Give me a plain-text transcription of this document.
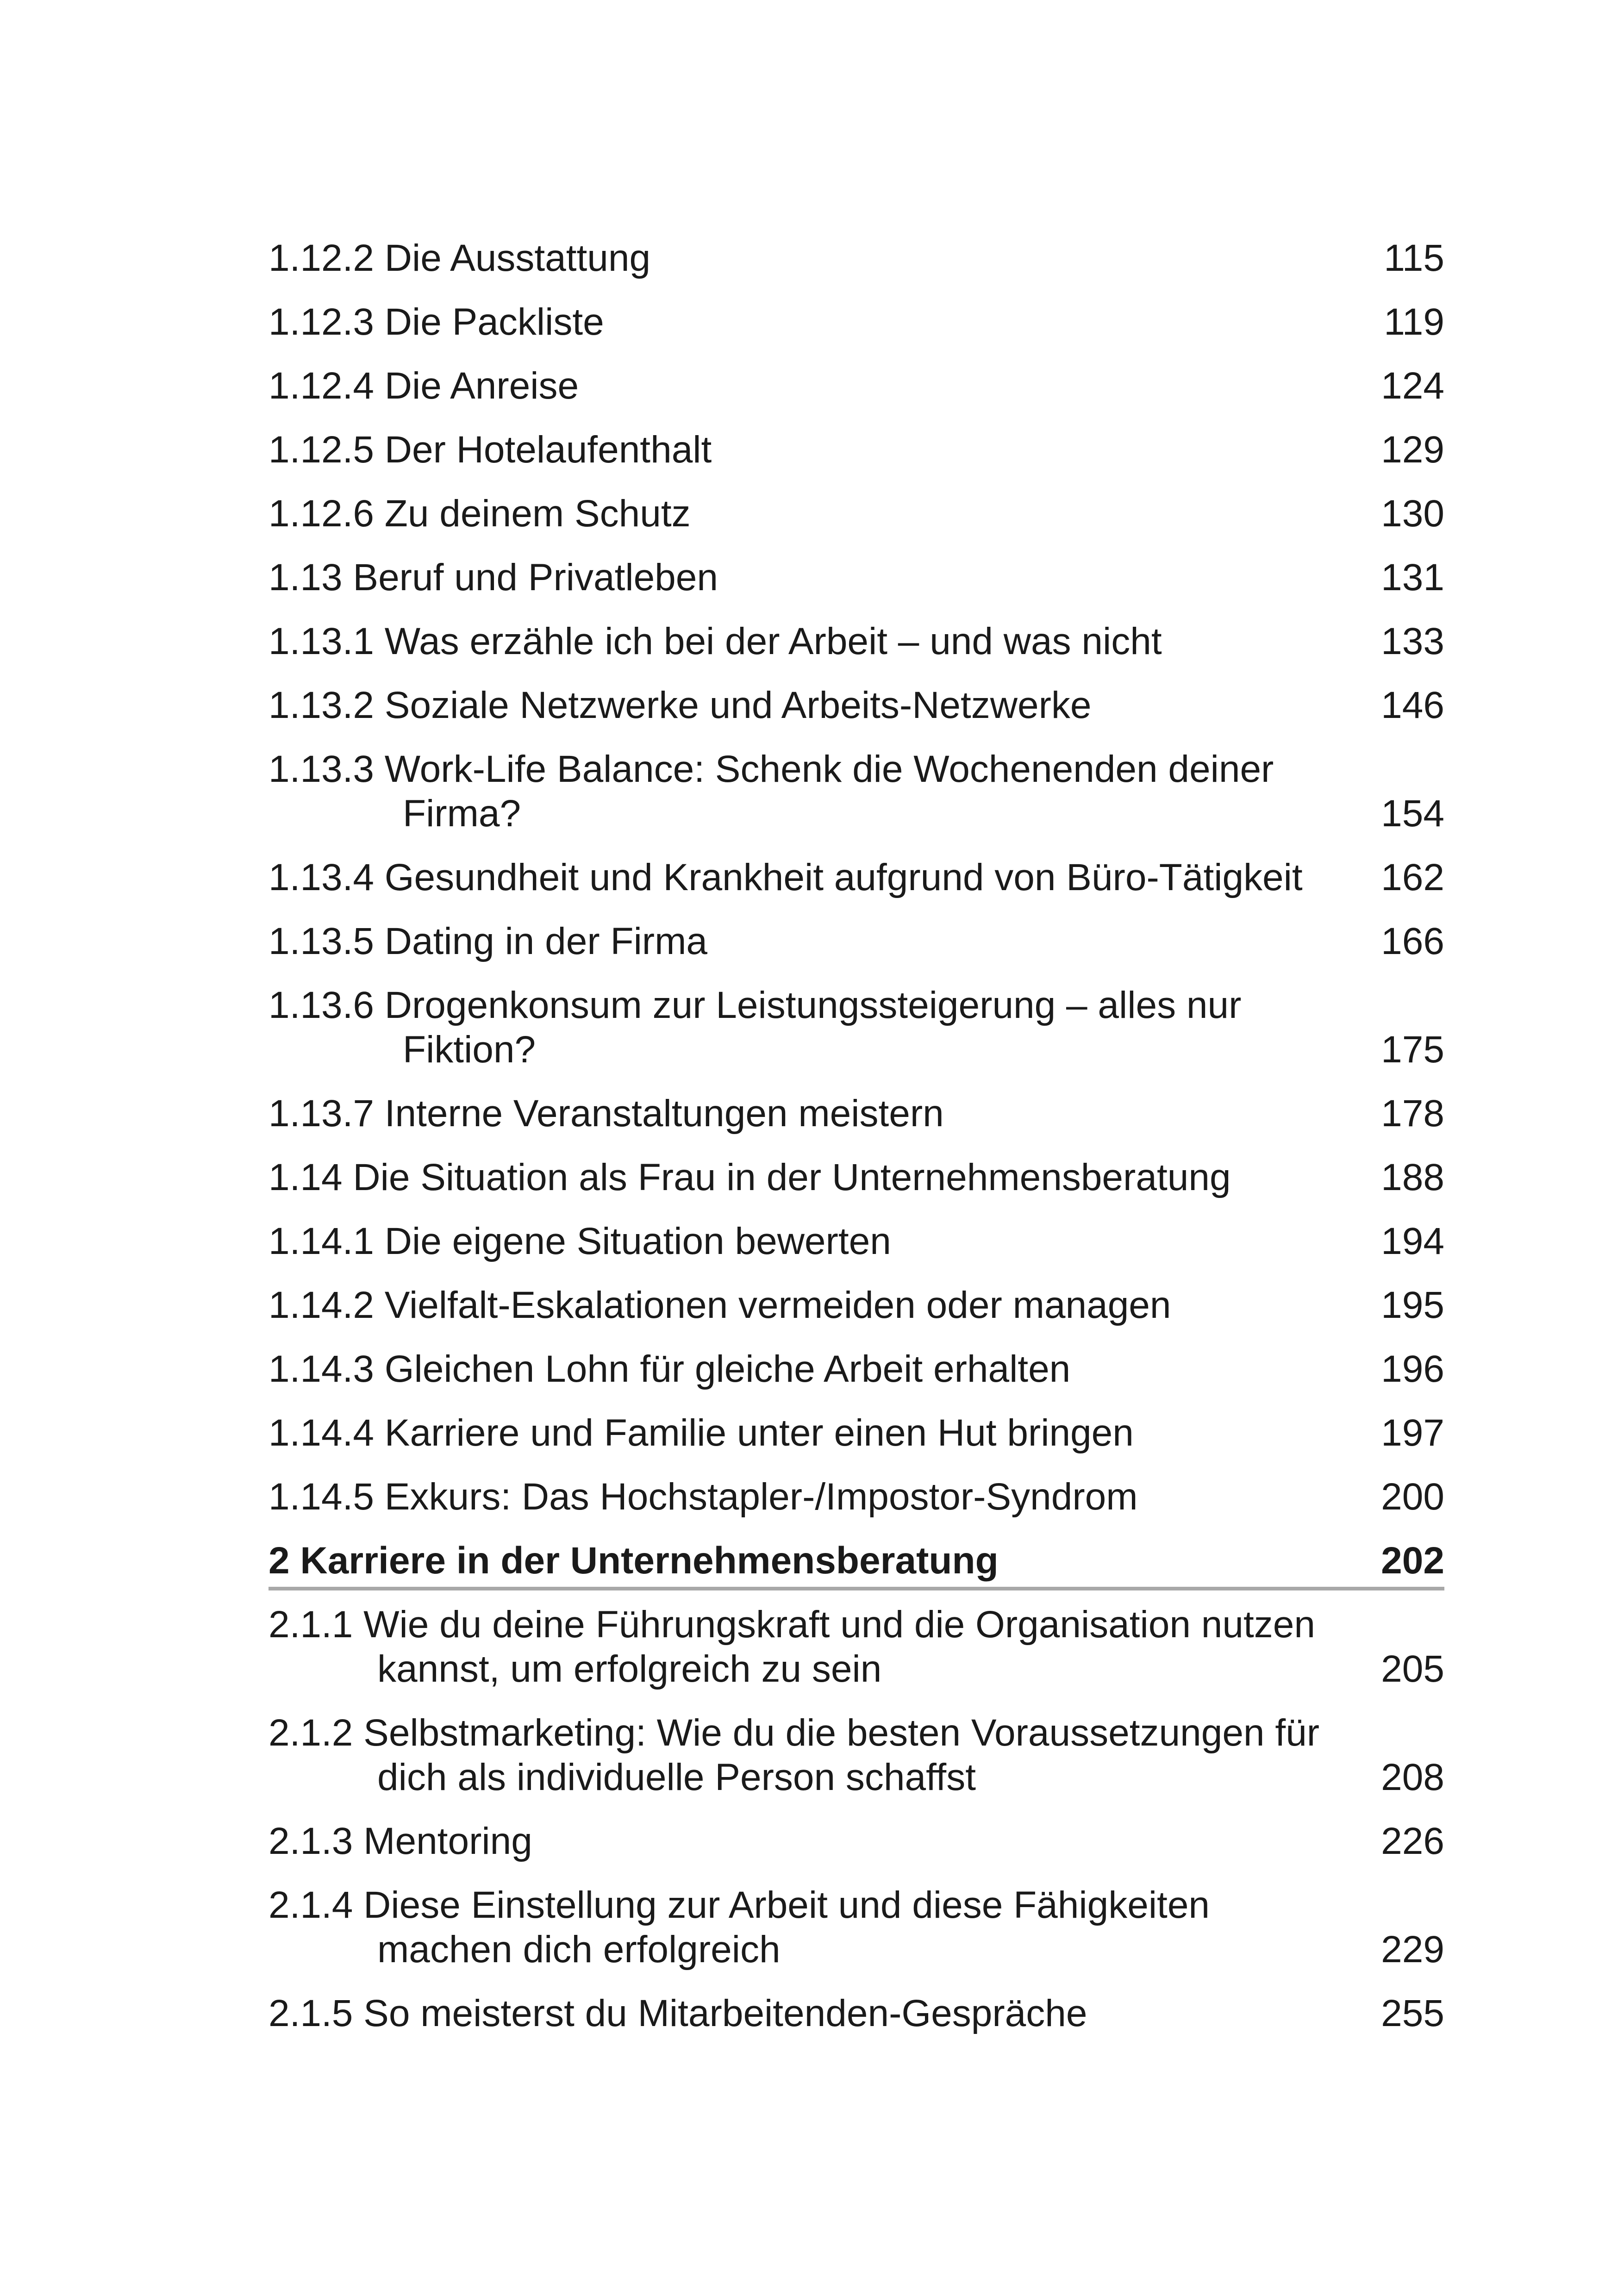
1.12.2 Die Ausstattung	115
1.12.3 Die Packliste	119
1.12.4 Die Anreise	124
1.12.5 Der Hotelaufenthalt	129
1.12.6 Zu deinem Schutz	130
1.13 Beruf und Privatleben	131
1.13.1 Was erzähle ich bei der Arbeit – und was nicht	133
1.13.2 Soziale Netzwerke und Arbeits-Netzwerke	146
1.13.3 Work-Life Balance: Schenk die Wochenenden deiner
Firma?	154
1.13.4 Gesundheit und Krankheit aufgrund von Büro-Tätigkeit 162
1.13.5 Dating in der Firma	166
1.13.6 Drogenkonsum zur Leistungssteigerung – alles nur
Fiktion?	175
1.13.7 Interne Veranstaltungen meistern	178
1.14 Die Situation als Frau in der Unternehmensberatung	188
1.14.1 Die eigene Situation bewerten	194
1.14.2 Vielfalt-Eskalationen vermeiden oder managen	195
1.14.3 Gleichen Lohn für gleiche Arbeit erhalten	196
1.14.4 Karriere und Familie unter einen Hut bringen	197
1.14.5 Exkurs: Das Hochstapler-/Impostor-Syndrom	200
2 Karriere in der Unternehmensberatung	202
2.1.1 Wie du deine Führungskraft und die Organisation nutzen
kannst, um erfolgreich zu sein	205
2.1.2 Selbstmarketing: Wie du die besten Voraussetzungen für
dich als individuelle Person schaffst	208
2.1.3 Mentoring	226
2.1.4 Diese Einstellung zur Arbeit und diese Fähigkeiten
machen dich erfolgreich	229
2.1.5 So meisterst du Mitarbeitenden-Gespräche	255
